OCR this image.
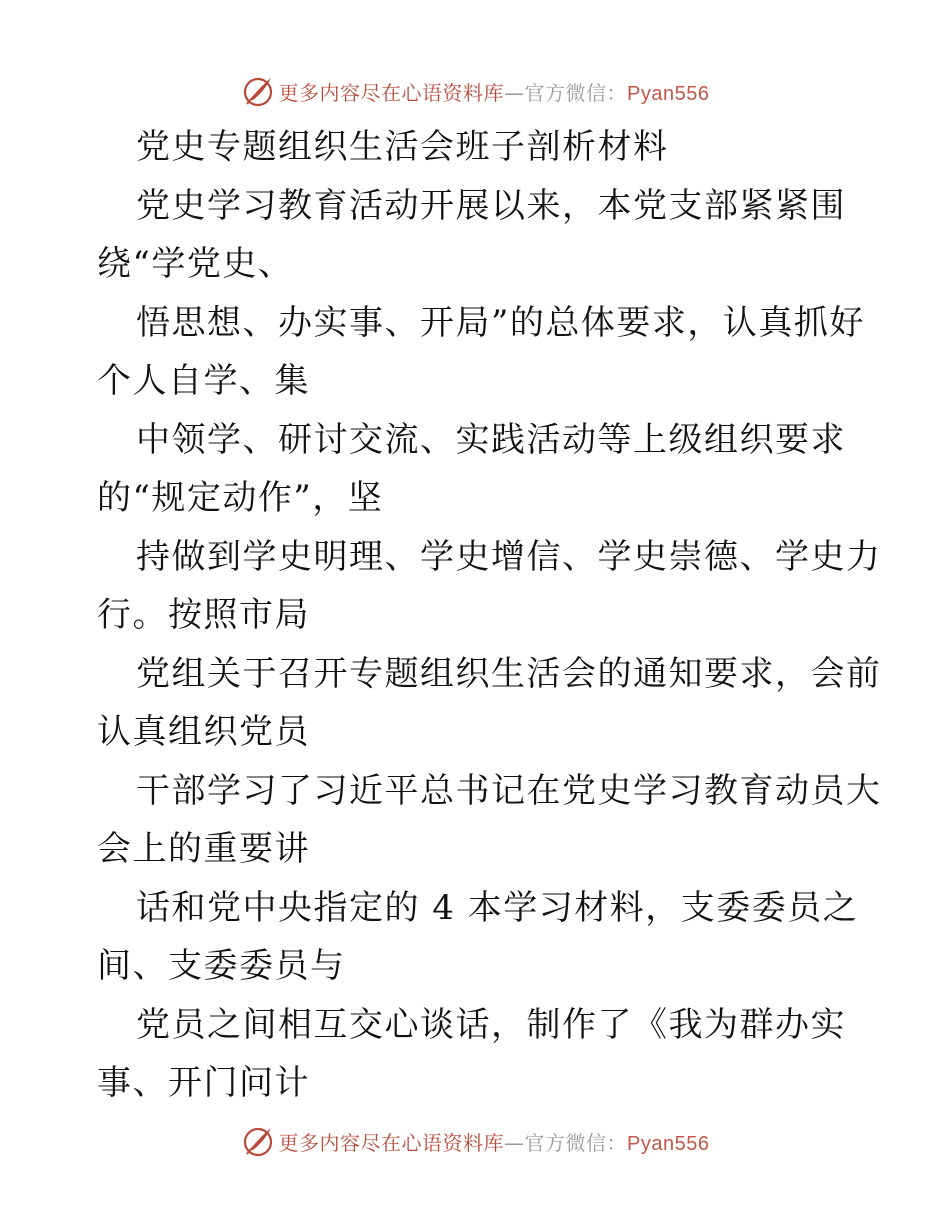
更多内容尽在心语资料库—官方微信：Pyan556
党史专题组织生活会班子剖析材料
党史学习教育活动开展以来，本党支部紧紧围
绕“学党史、
悟思想、办实事、开局”的总体要求，认真抓好
个人自学、集
中领学、研讨交流、实践活动等上级组织要求
的“规定动作”，坚
持做到学史明理、学史增信、学史崇德、学史力
行。按照市局
党组关于召开专题组织生活会的通知要求，会前
认真组织党员
干部学习了习近平总书记在党史学习教育动员大
会上的重要讲
话和党中央指定的 4 本学习材料，支委委员之
间、支委委员与
党员之间相互交心谈话，制作了《我为群办实
事、开门问计
更多内容尽在心语资料库—官方微信：Pyan556
